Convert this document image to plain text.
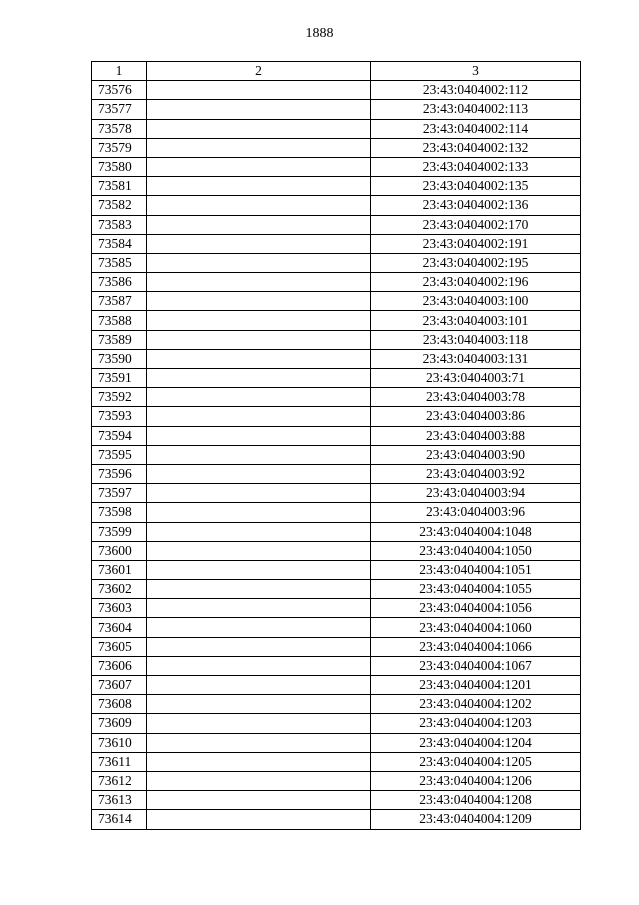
1888
1	2	3
73576		23:43:0404002:112
73577		23:43:0404002:113
73578		23:43:0404002:114
73579		23:43:0404002:132
73580		23:43:0404002:133
73581		23:43:0404002:135
73582		23:43:0404002:136
73583		23:43:0404002:170
73584		23:43:0404002:191
73585		23:43:0404002:195
73586		23:43:0404002:196
73587		23:43:0404003:100
73588		23:43:0404003:101
73589		23:43:0404003:118
73590		23:43:0404003:131
73591		23:43:0404003:71
73592		23:43:0404003:78
73593		23:43:0404003:86
73594		23:43:0404003:88
73595		23:43:0404003:90
73596		23:43:0404003:92
73597		23:43:0404003:94
73598		23:43:0404003:96
73599		23:43:0404004:1048
73600		23:43:0404004:1050
73601		23:43:0404004:1051
73602		23:43:0404004:1055
73603		23:43:0404004:1056
73604		23:43:0404004:1060
73605		23:43:0404004:1066
73606		23:43:0404004:1067
73607		23:43:0404004:1201
73608		23:43:0404004:1202
73609		23:43:0404004:1203
73610		23:43:0404004:1204
73611		23:43:0404004:1205
73612		23:43:0404004:1206
73613		23:43:0404004:1208
73614		23:43:0404004:1209
